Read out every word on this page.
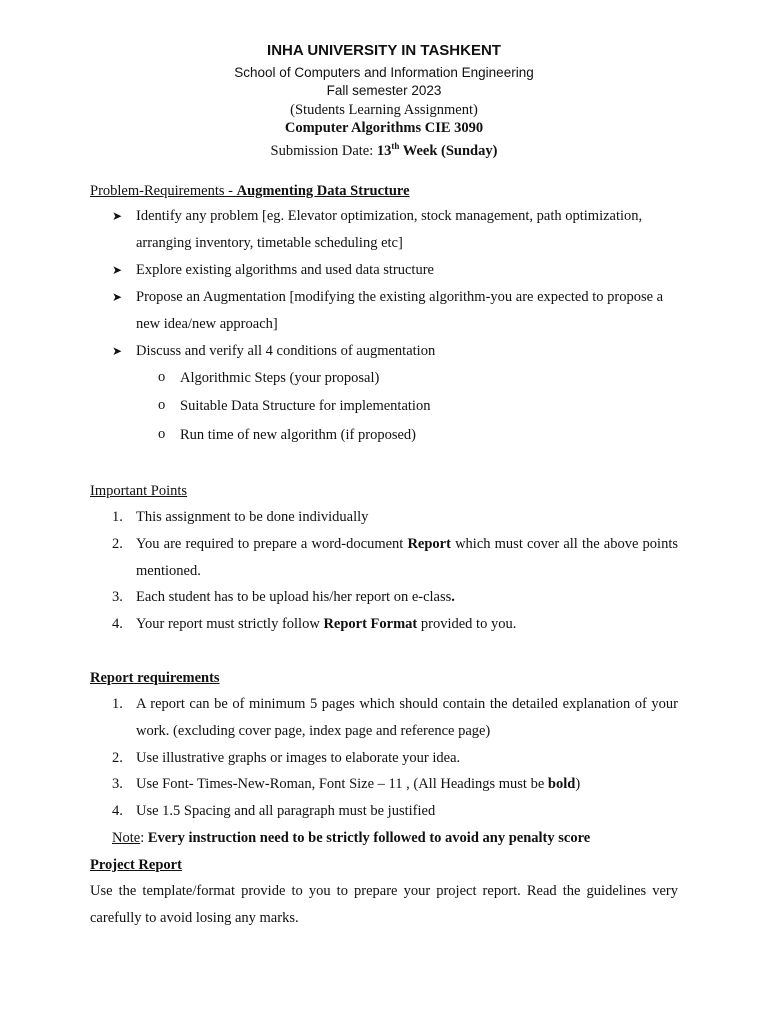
INHA UNIVERSITY IN TASHKENT
School of Computers and Information Engineering
Fall semester 2023
(Students Learning Assignment)
Computer Algorithms CIE 3090
Submission Date: 13th Week (Sunday)
Problem-Requirements - Augmenting Data Structure
➤ Identify any problem [eg. Elevator optimization, stock management, path optimization, arranging inventory, timetable scheduling etc]
➤ Explore existing algorithms and used data structure
➤ Propose an Augmentation [modifying the existing algorithm-you are expected to propose a new idea/new approach]
➤ Discuss and verify all 4 conditions of augmentation
o Algorithmic Steps (your proposal)
o Suitable Data Structure for implementation
o Run time of new algorithm (if proposed)
Important Points
1. This assignment to be done individually
2. You are required to prepare a word-document Report which must cover all the above points mentioned.
3. Each student has to be upload his/her report on e-class.
4. Your report must strictly follow Report Format provided to you.
Report requirements
1. A report can be of minimum 5 pages which should contain the detailed explanation of your work. (excluding cover page, index page and reference page)
2. Use illustrative graphs or images to elaborate your idea.
3. Use Font- Times-New-Roman, Font Size – 11 , (All Headings must be bold)
4. Use 1.5 Spacing and all paragraph must be justified
Note: Every instruction need to be strictly followed to avoid any penalty score
Project Report
Use the template/format provide to you to prepare your project report. Read the guidelines very carefully to avoid losing any marks.
